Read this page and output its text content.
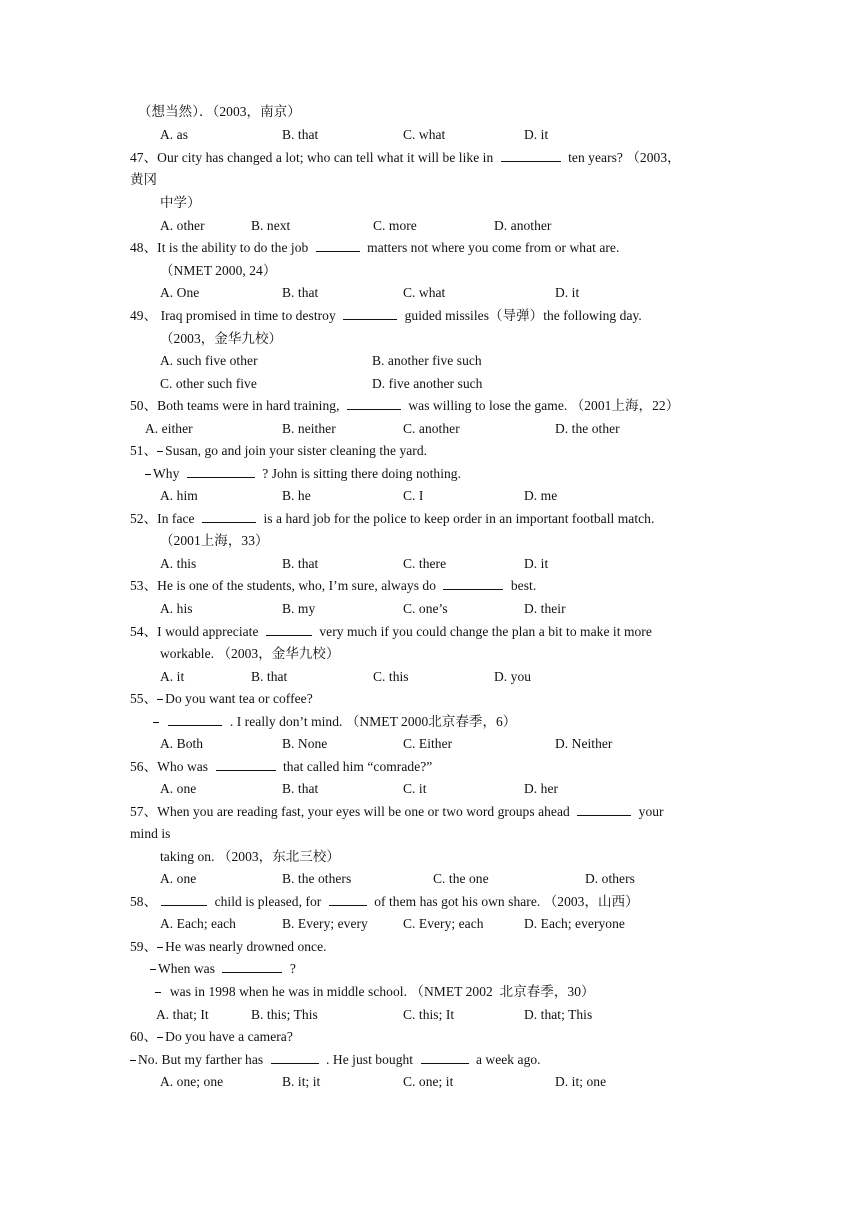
（想当然）．（2003，南京）
A. as	B. that	C. what	D. it
47、Our city has changed a lot; who can tell what it will be like in	ten years? （2003，
黄冈
中学）
A. other	B. next	C. more	D. another
48、It is the ability to do the job	matters not where you come from or what are.
（NMET 2000, 24）
A. One	B. that	C. what	D. it
49、 Iraq promised in time to destroy	guided missiles（导弹）the following day.
（2003，金华九校）
A. such five other	B. another five such
C. other such five	D. five another such
50、Both teams were in hard training,	was willing to lose the game. （2001上海，22）
A. either	B. neither	C. another	D. the other
51、 Susan, go and join your sister cleaning the yard.
Why	? John is sitting there doing nothing.
A. him	B. he	C. I	D. me
52、In face	is a hard job for the police to keep order in an important football match.
（2001上海，33）
A. this	B. that	C. there	D. it
53、He is one of the students, who, I’m sure, always do	best.
A. his	B. my	C. one’s	D. their
54、I would appreciate	very much if you could change the plan a bit to make it more
workable. （2003，金华九校）
A. it	B. that	C. this	D. you
55、 Do you want tea or coffee?
. I really don’t mind. （NMET 2000北京春季，6）
A. Both	B. None	C. Either	D. Neither
56、Who was	that called him “comrade?”
A. one	B. that	C. it	D. her
57、When you are reading fast, your eyes will be one or two word groups ahead	your
mind is
taking on. （2003，东北三校）
A. one	B. the others	C. the one	D. others
58、	child is pleased, for	of them has got his own share. （2003，山西）
A. Each; each	B. Every; every	C. Every; each	D. Each; everyone
59、 He was nearly drowned once.
When was	?
was in 1998 when he was in middle school. （NMET 2002  北京春季，30）
A. that; It	B. this; This	C. this; It	D. that; This
60、 Do you have a camera?
No. But my farther has	. He just bought	a week ago.
A. one; one	B. it; it	C. one; it	D. it; one
